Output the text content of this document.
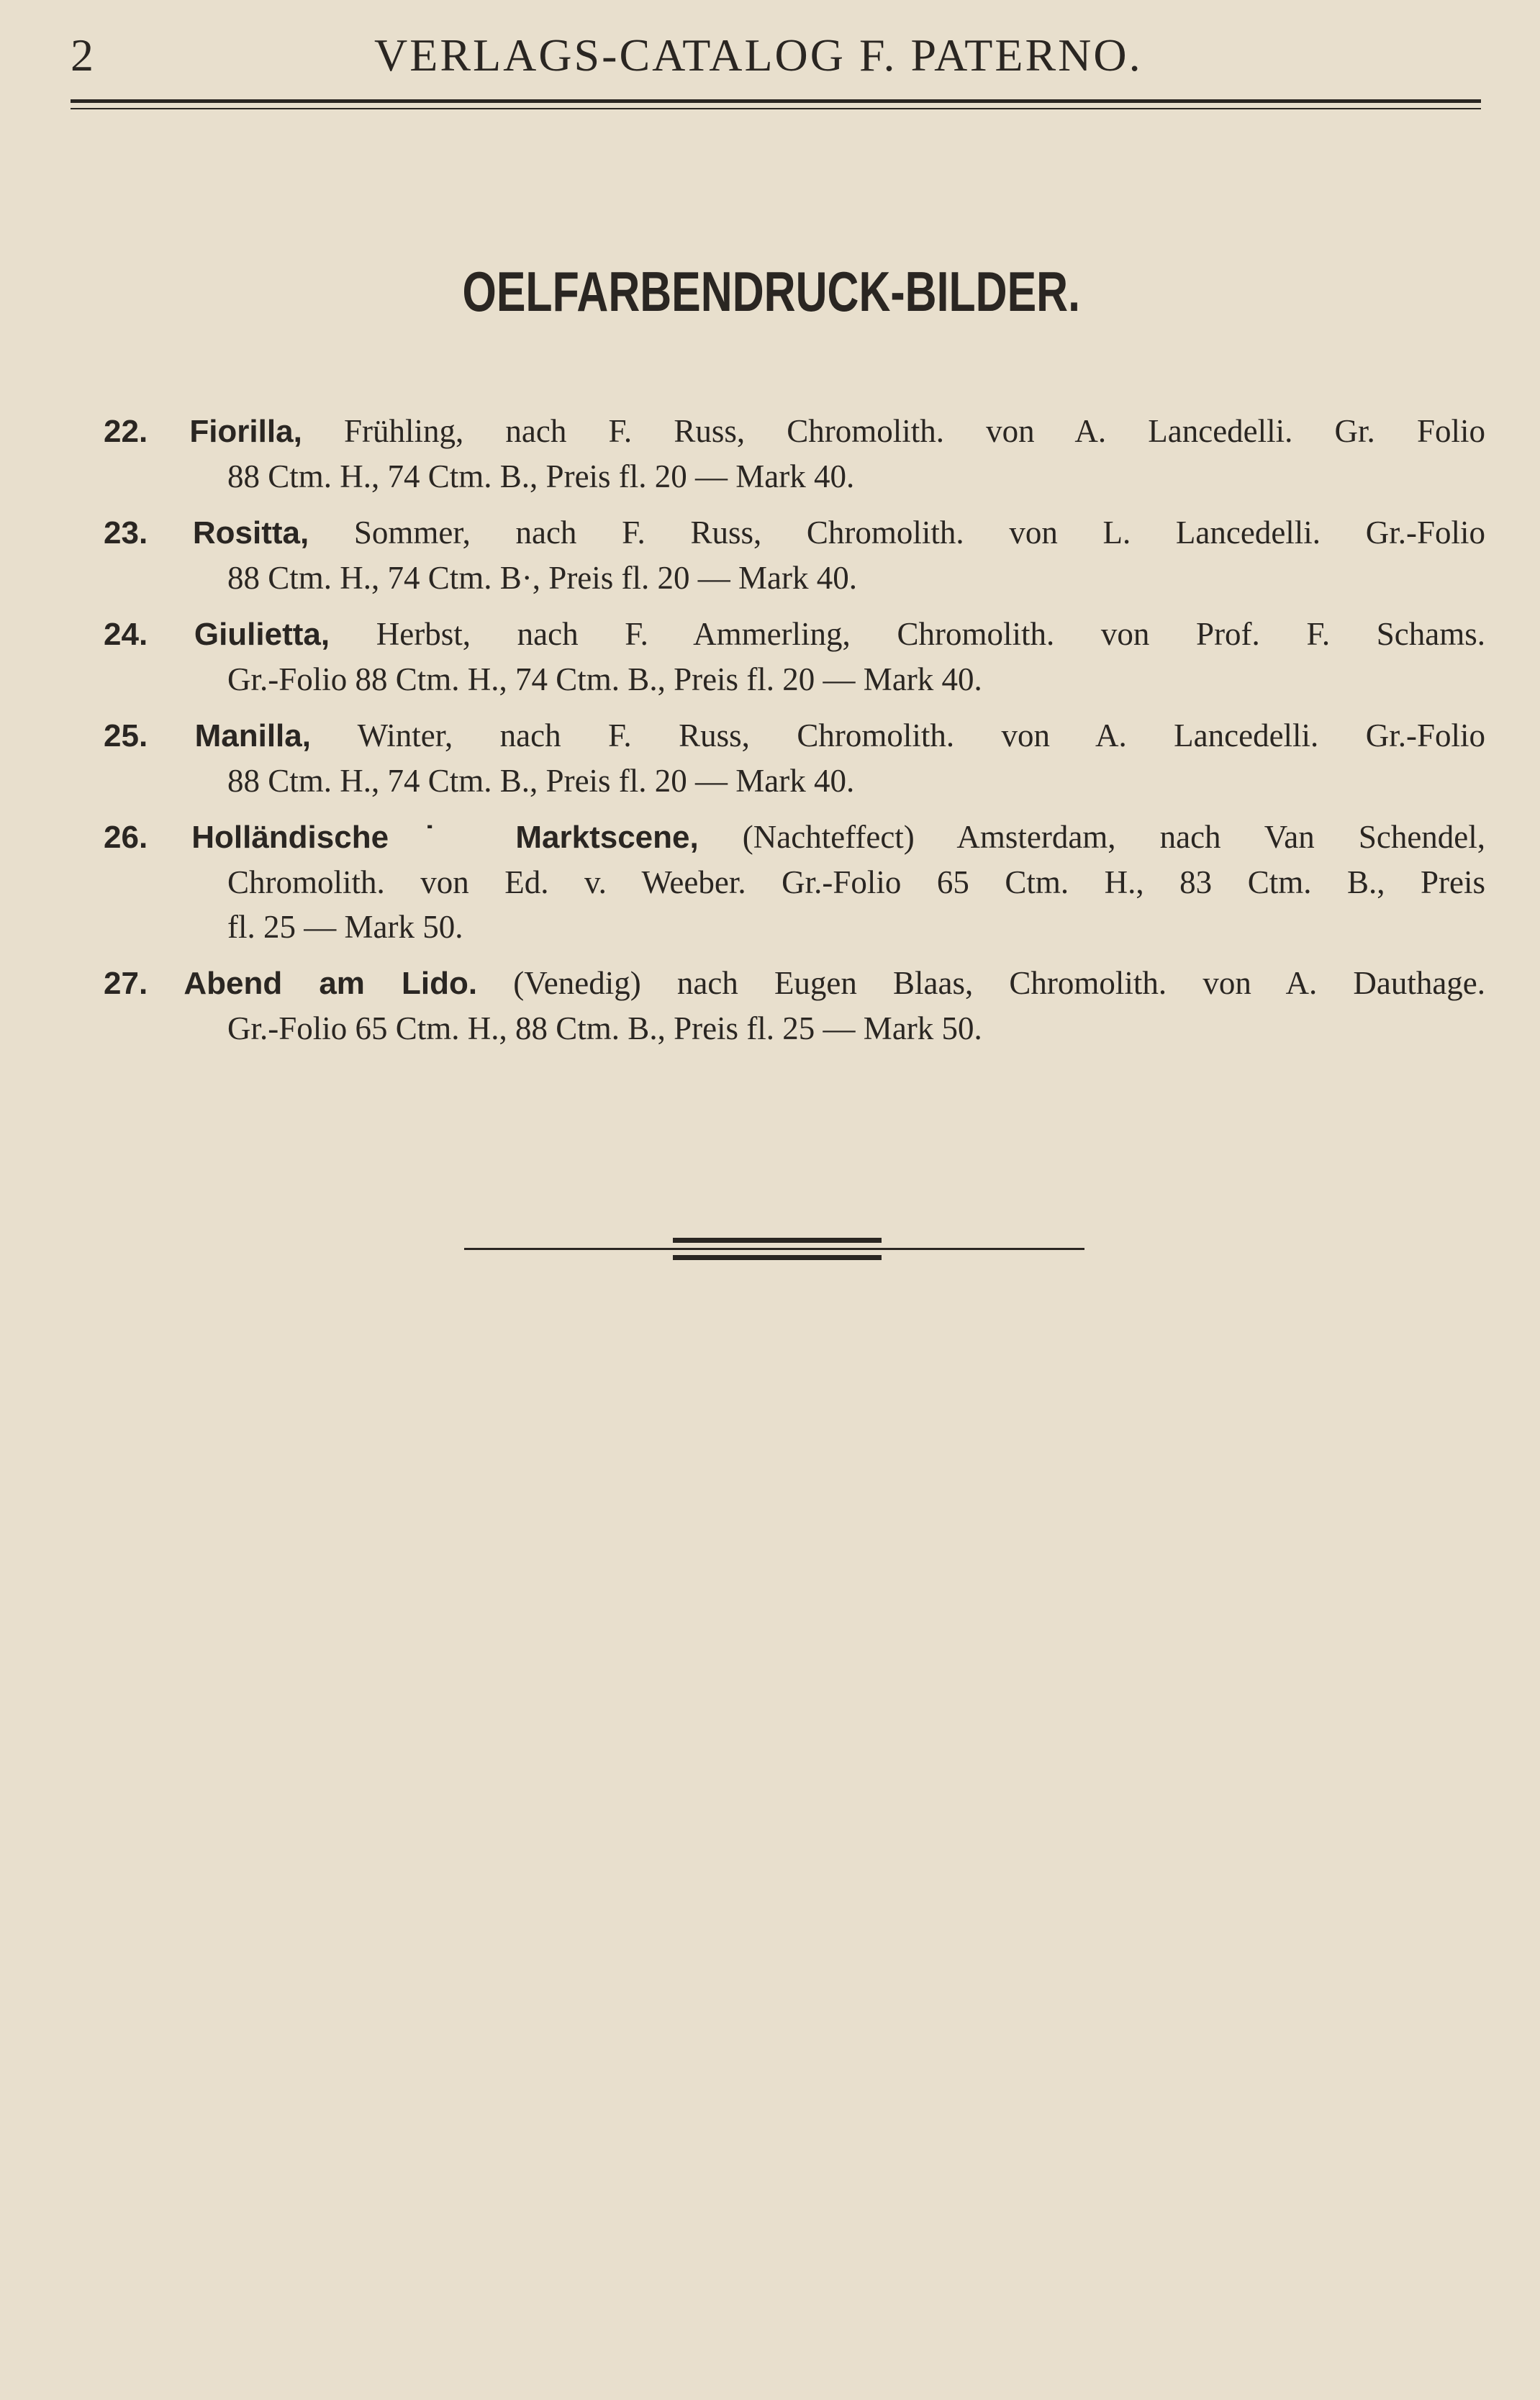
2	VERLAGS-CATALOG F. PATERNO.
OELFARBENDRUCK-BILDER.
22. Fiorilla, Frühling, nach F. Russ, Chromolith. von A. Lancedelli. Gr. Folio
88 Ctm. H., 74 Ctm. B., Preis fl. 20 — Mark 40.
23. Rositta, Sommer, nach F. Russ, Chromolith. von L. Lancedelli. Gr.-Folio
88 Ctm. H., 74 Ctm. B·, Preis fl. 20 — Mark 40.
24. Giulietta, Herbst, nach F. Ammerling, Chromolith. von Prof. F. Schams.
Gr.-Folio 88 Ctm. H., 74 Ctm. B., Preis fl. 20 — Mark 40.
25. Manilla, Winter, nach F. Russ, Chromolith. von A. Lancedelli. Gr.-Folio
88 Ctm. H., 74 Ctm. B., Preis fl. 20 — Mark 40.
26. Holländische˙ Marktscene, (Nachteffect) Amsterdam, nach Van Schendel,
Chromolith. von Ed. v. Weeber. Gr.-Folio 65 Ctm. H., 83 Ctm. B., Preis
fl. 25 — Mark 50.
27. Abend am Lido. (Venedig) nach Eugen Blaas, Chromolith. von A. Dauthage.
Gr.-Folio 65 Ctm. H., 88 Ctm. B., Preis fl. 25 — Mark 50.
